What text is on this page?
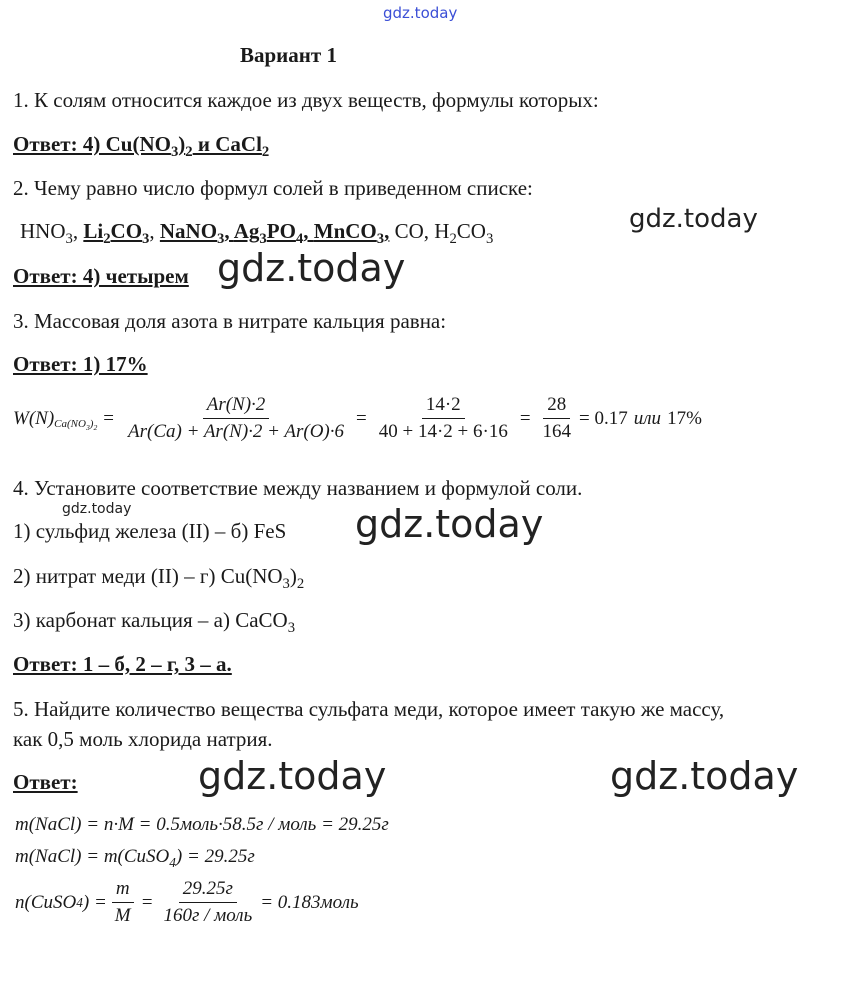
gdz.today
Вариант 1
1. К солям относится каждое из двух веществ, формулы которых:
Ответ: 4) $Cu(NO_3)_2$ и CaCl$_2$
2. Чему равно число формул солей в приведенном списке:
$HNO_3$, $Li_2CO_3$, NaNO$_3$, $Ag_3PO_4$, MnCO$_3$, CO, $H_2CO_3$
gdz.today
Ответ: 4) четырем gdz.today
3. Массовая доля азота в нитрате кальция равна:
Ответ: 1) 17%
W(N) $_{Ca(NO_3)_2} = \frac{Ar(N)\cdot 2}{Ar(Ca) + Ar(N)\cdot 2 + Ar(O)\cdot 6} = \frac{14\cdot 2}{40 + 14\cdot 2 + 6\cdot 16} = \frac{28}{164} = 0.17$ или 17%
4. Установите соответствие между названием и формулой соли.
1) сульфид железа (II) – б) FeS
gdz.today	gdz.today
2) нитрат меди (II) – г) $Cu(NO_3)_2$
3) карбонат кальция – а) CaCO$_3$
Ответ: 1 – б, 2 – г, 3 – а.
5. Найдите количество вещества сульфата меди, которое имеет такую же массу,
как 0,5 моль хлорида натрия.
Ответ:	gdz.today	gdz.today
m(NaCl) = n·M = 0.5моль·58.5г / моль = 29.25г
m(NaCl) = m(CuSO$_4$) = 29.25г
n(CuSO 4 ) = $\frac{m}{M} = \frac{29.25г}{\text{160г / моль}}$ = 0.183моль
